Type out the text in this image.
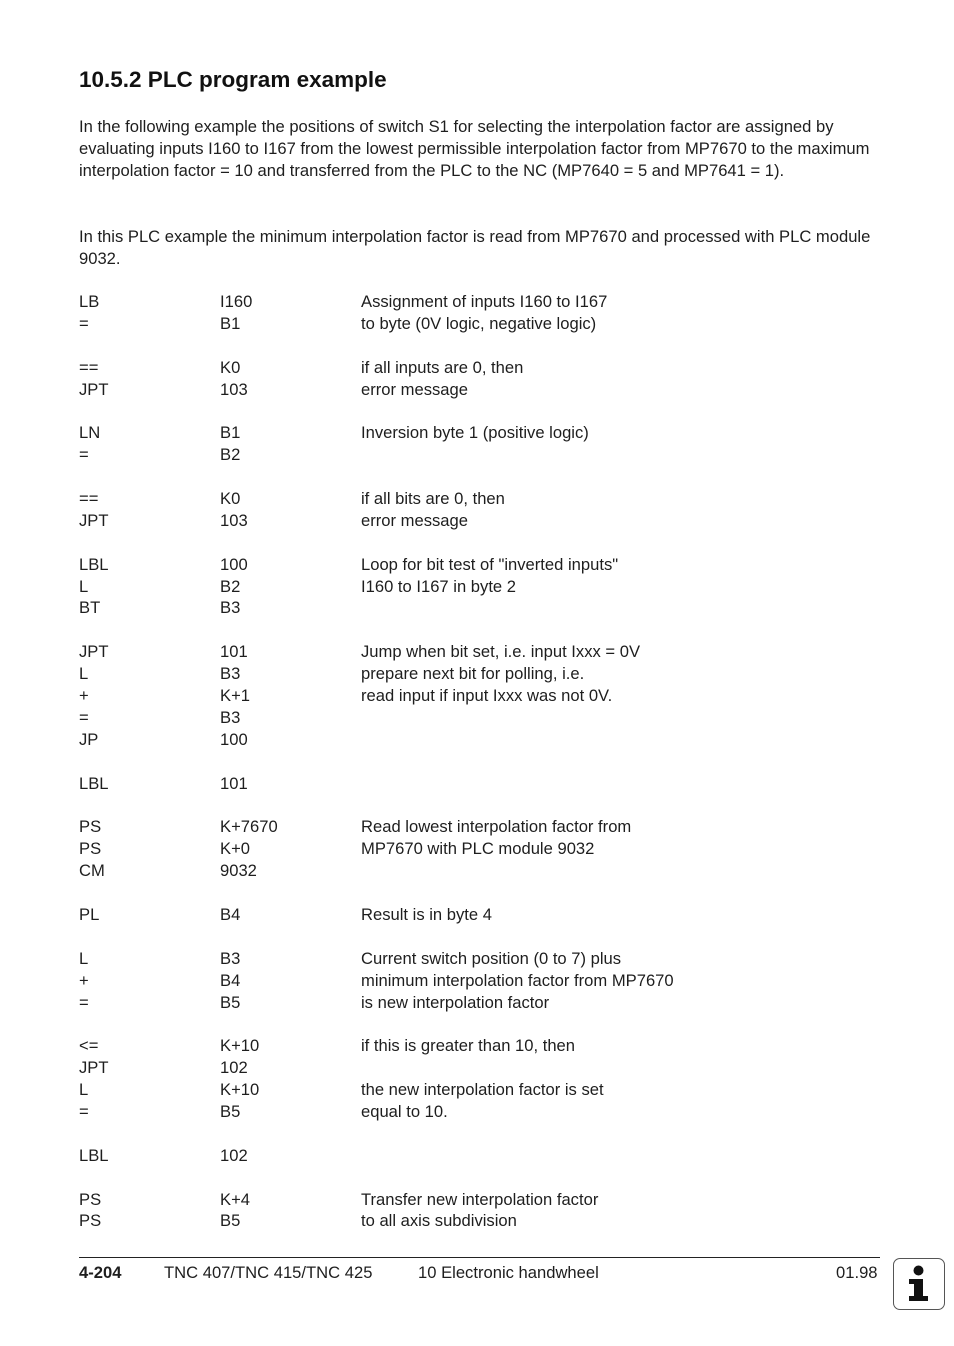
10.5.2 PLC program example

In the following example the positions of switch S1 for selecting the interpolation factor are assigned by evaluating inputs I160 to I167 from the lowest permissible interpolation factor from MP7670 to the maximum interpolation factor = 10 and transferred from the PLC to the NC (MP7640 = 5 and MP7641 = 1).

In this PLC example the minimum interpolation factor is read from MP7670 and processed with PLC module 9032.

LB	I160	Assignment of inputs I160 to I167
=	B1	to byte (0V logic, negative logic)
==	K0	if all inputs are 0, then
JPT	103	error message
LN	B1	Inversion byte 1 (positive logic)
=	B2
==	K0	if all bits are 0, then
JPT	103	error message
LBL	100	Loop for bit test of "inverted inputs"
L	B2	I160 to I167 in byte 2
BT	B3
JPT	101	Jump when bit set, i.e. input Ixxx = 0V
L	B3	prepare next bit for polling, i.e.
+	K+1	read input if input Ixxx was not 0V.
=	B3
JP	100
LBL	101
PS	K+7670	Read lowest interpolation factor from
PS	K+0	MP7670 with PLC module 9032
CM	9032
PL	B4	Result is in byte 4
L	B3	Current switch position (0 to 7) plus
+	B4	minimum interpolation factor from MP7670
=	B5	is new interpolation factor
<=	K+10	if this is greater than 10, then
JPT	102
L	K+10	the new interpolation factor is set
=	B5	equal to 10.
LBL	102
PS	K+4	Transfer new interpolation factor
PS	B5	to all axis subdivision
4-204	TNC 407/TNC 415/TNC 425	10 Electronic handwheel	01.98
